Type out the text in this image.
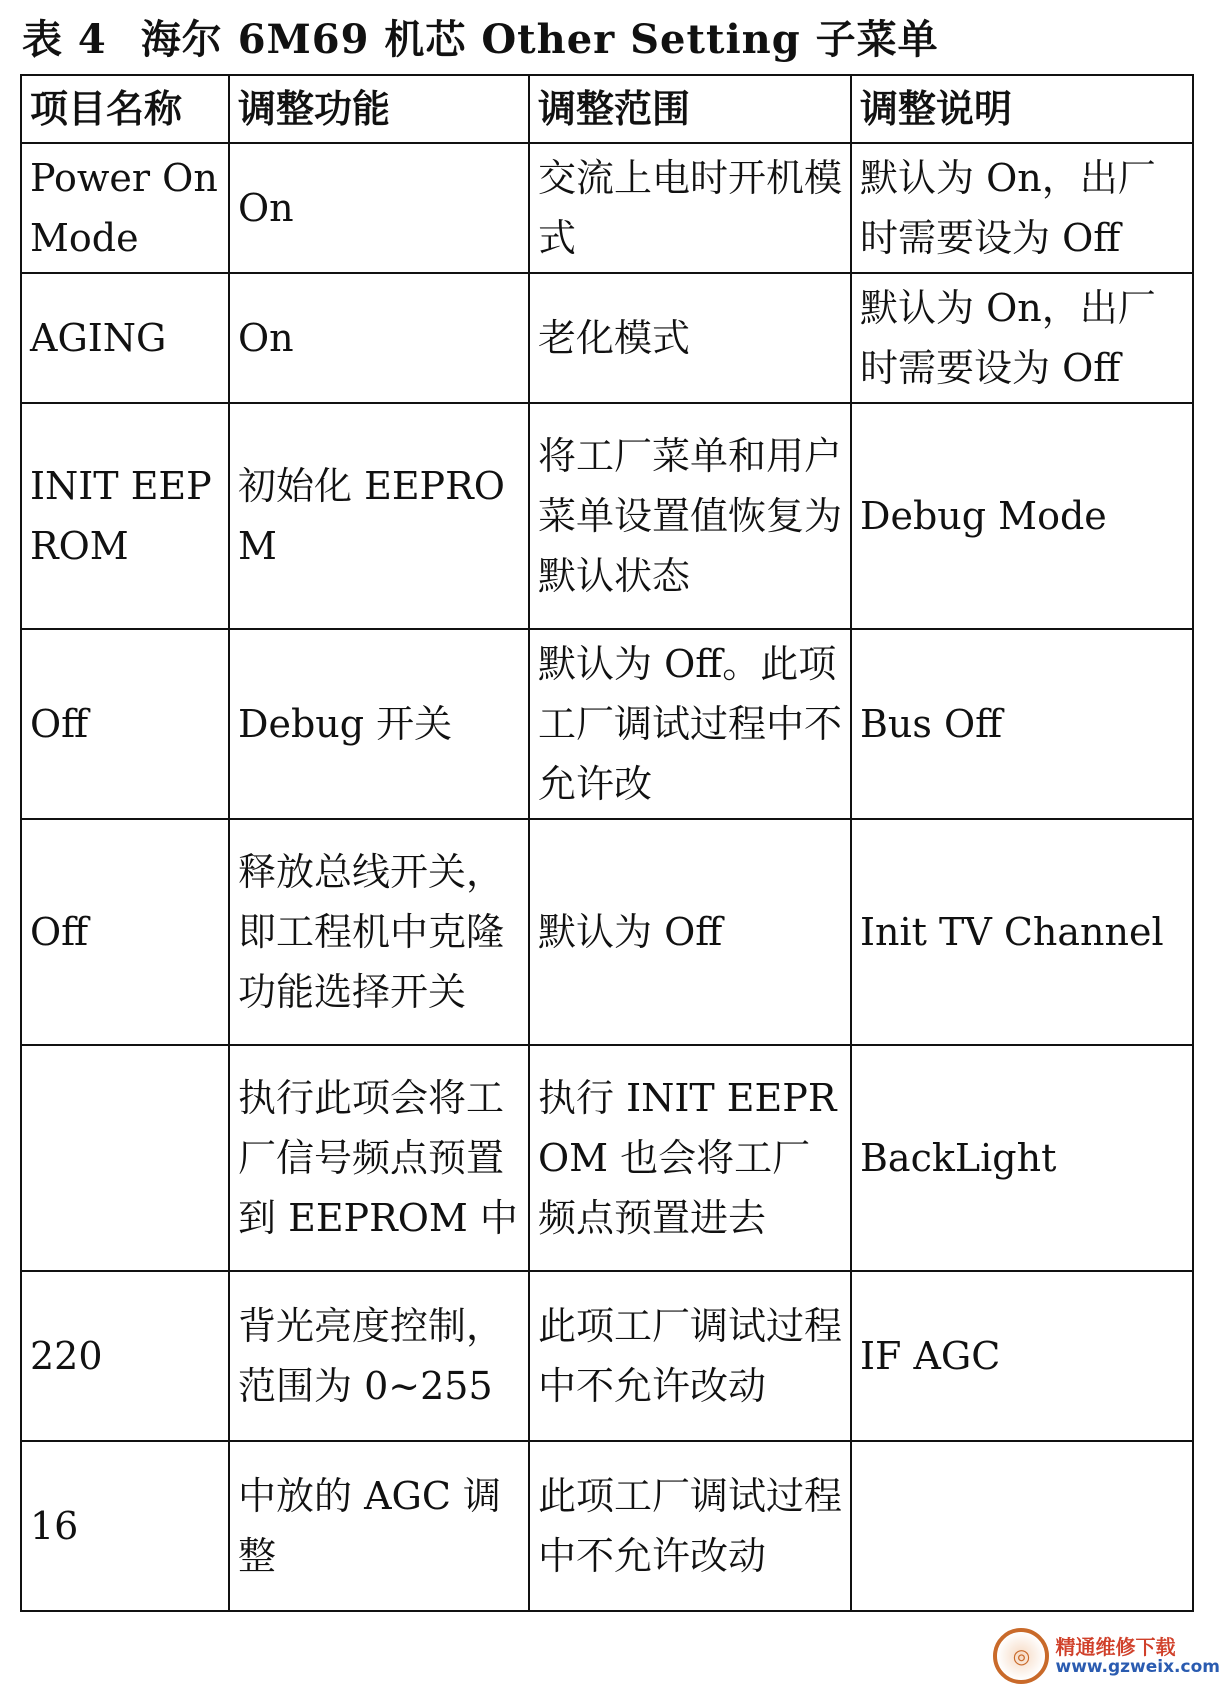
表 4 海尔 6M69 机芯 Other Setting 子菜单
项目名称	调整功能	调整范围	调整说明
Power On Mode	On	交流上电时开机模式	默认为 On，出厂时需要设为 Off
AGING	On	老化模式	默认为 On，出厂时需要设为 Off
INIT EEPROM	初始化 EEPROM	将工厂菜单和用户菜单设置值恢复为默认状态	Debug Mode
Off	Debug 开关	默认为 Off。此项工厂调试过程中不允许改	Bus Off
Off	释放总线开关，即工程机中克隆功能选择开关	默认为 Off	Init TV Channel
	执行此项会将工厂信号频点预置到 EEPROM 中	执行 INIT EEPROM 也会将工厂频点预置进去	BackLight
220	背光亮度控制，范围为 0~255	此项工厂调试过程中不允许改动	IF AGC
16	中放的 AGC 调整	此项工厂调试过程中不允许改动	
◎	精通维修下载
www.gzweix.com
